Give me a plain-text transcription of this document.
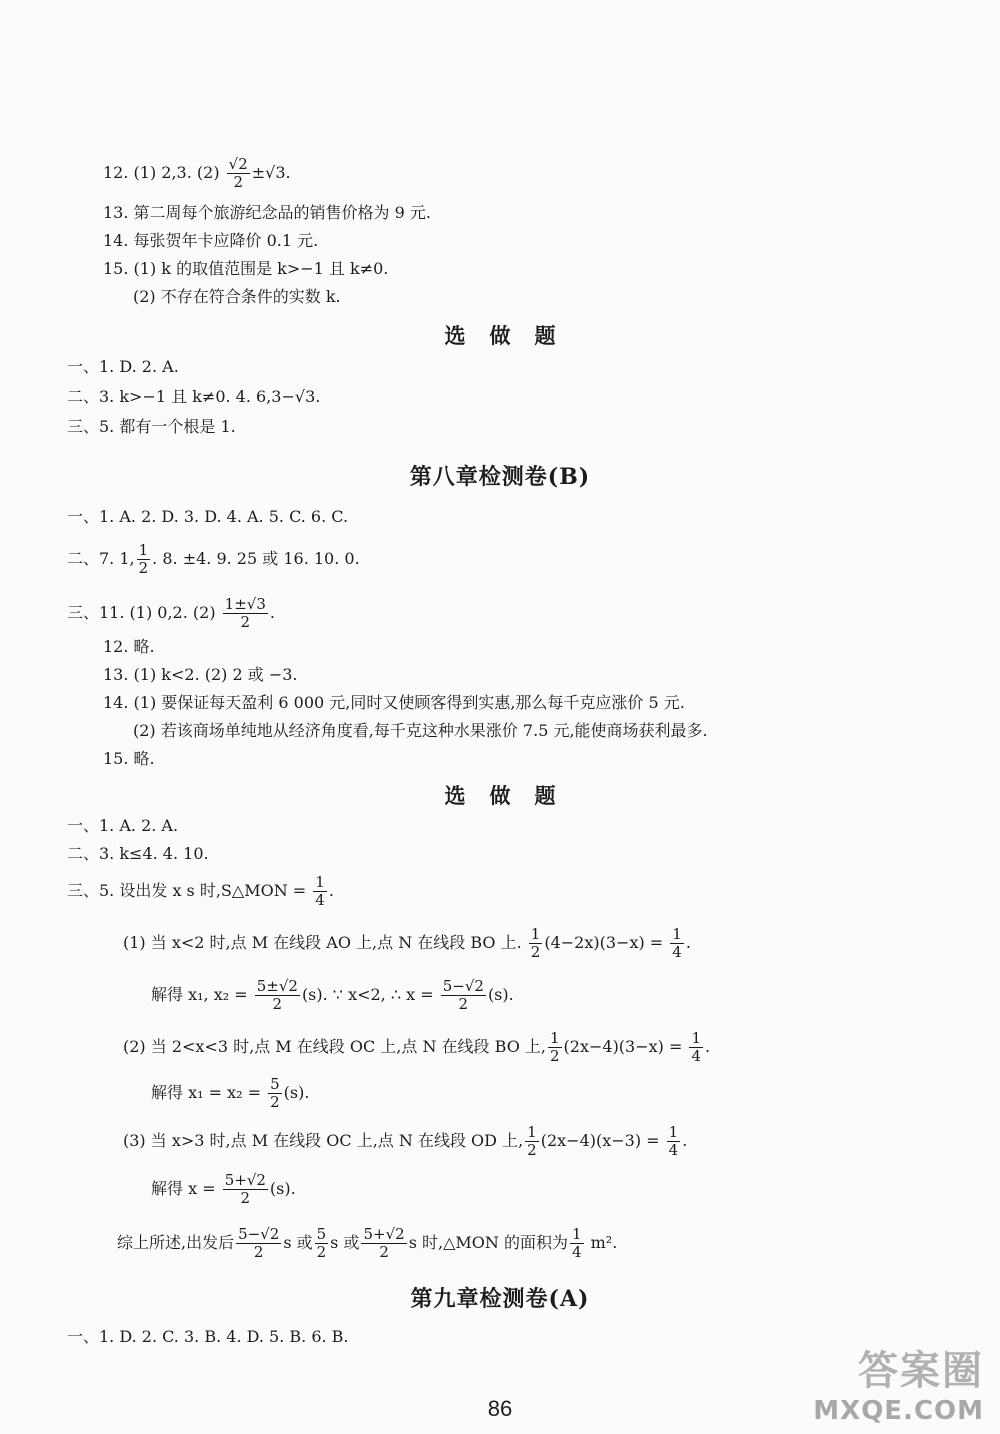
12. (1) 2,3. $(2) \frac{√2}{2} \pm√3$.
13. 第二周每个旅游纪念品的销售价格为 9 元.
14. 每张贺年卡应降价 0.1 元.
15. (1) k 的取值范围是 k>−1 且 k≠0.
(2) 不存在符合条件的实数 k.
选做题
一、1. D. 2. A.
二、3. k>−1 且 k≠0. 4. 6,3−√3.
三、5. 都有一个根是 1.
第八章检测卷(B)
一、1. A. 2. D. 3. D. 4. A. 5. C. 6. C.
二、7. 1, $\frac{1}{2}$ . 8. ±4. 9. 25 或 16. 10. 0.
三、11. (1) 0,2. $(2) \frac{1\pm√3}{2}$ .
12. 略.
13. (1) k<2. (2) 2 或 −3.
14. (1) 要保证每天盈利 6 000 元,同时又使顾客得到实惠,那么每千克应涨价 5 元.
(2) 若该商场单纯地从经济角度看,每千克这种水果涨价 7.5 元,能使商场获利最多.
15. 略.
选做题
一、1. A. 2. A.
二、3. k≤4. 4. 10.
三、5. 设出发 x s 时,S△MON = $\frac{1}{4}$ .
(1) 当 x<2 时,点 M 在线段 AO 上,点 N 在线段 BO 上. $\frac{1}{2} (4-2x)(3-x) = \frac{1}{4}$ .
解得 x₁, $x_2 = \frac{5\pm√2}{2} (s)$. ∵ x<2, ∴ $x = \frac{5-√2}{2} (s)$.
(2) 当 2<x<3 时,点 M 在线段 OC 上,点 N 在线段 BO 上, $\frac{1}{2} (2x-4)(3-x) = \frac{1}{4}$ .
解得 $x_1 = x_2 = \frac{5}{2} (s)$.
(3) 当 x>3 时,点 M 在线段 OC 上,点 N 在线段 OD 上, $\frac{1}{2} (2x-4)(x-3) = \frac{1}{4}$ .
解得 $x = \frac{5+√2}{2} (s)$.
综上所述,出发后 $\frac{5-√2}{2}$ s 或 $\frac{5}{2}$ s 或 $\frac{5+√2}{2}$ s 时,△MON 的面积为 $\frac{1}{4} m^2$.
第九章检测卷(A)
一、1. D. 2. C. 3. B. 4. D. 5. B. 6. B.
86
答案圈
MXQE.COM
